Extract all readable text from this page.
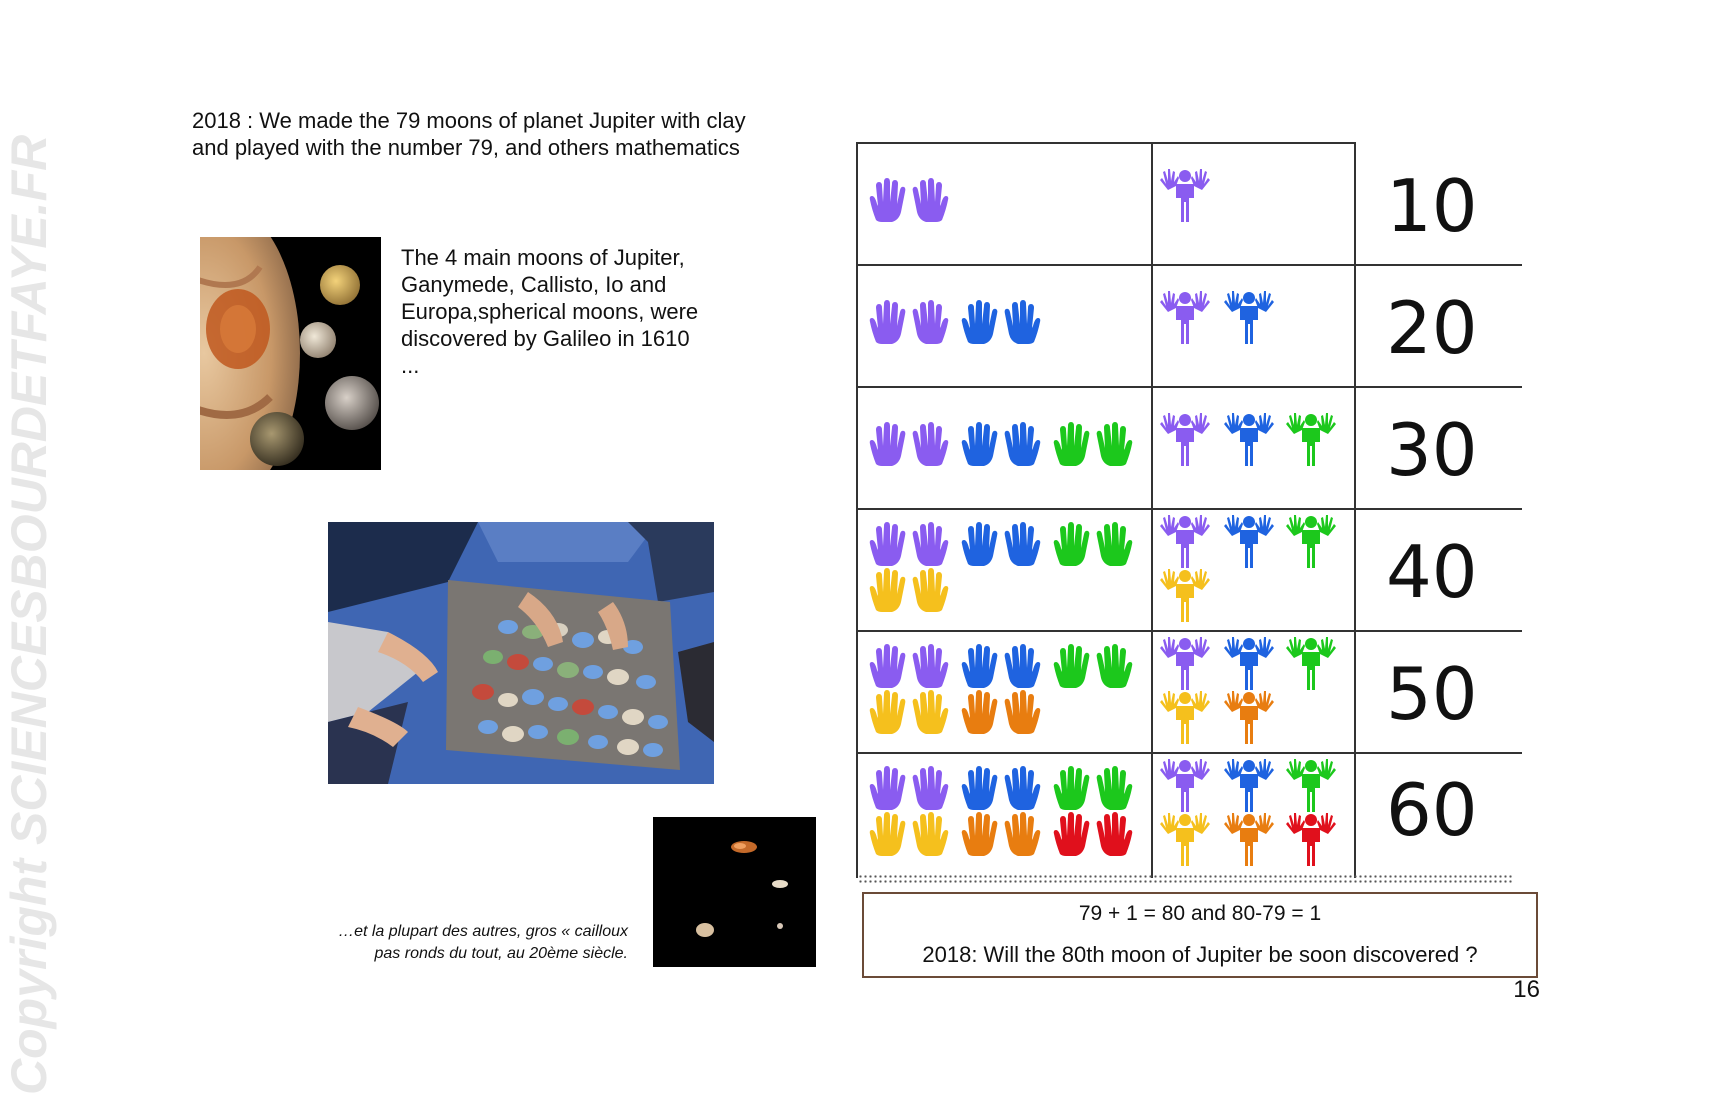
Copyright SCIENCESBOURDETFAYE.FR
2018 : We made the 79 moons of planet Jupiter with clay and played with the number 79, and others mathematics
The 4 main moons of Jupiter, Ganymede, Callisto, Io and Europa,spherical moons, were discovered by Galileo in 1610 ...
…et la plupart des autres, gros « cailloux
pas ronds du tout, au 20ème siècle.
10
20
30
40
50
60
79 + 1 = 80 and 80-79 = 1
2018: Will the 80th moon of Jupiter be soon discovered ?
16
